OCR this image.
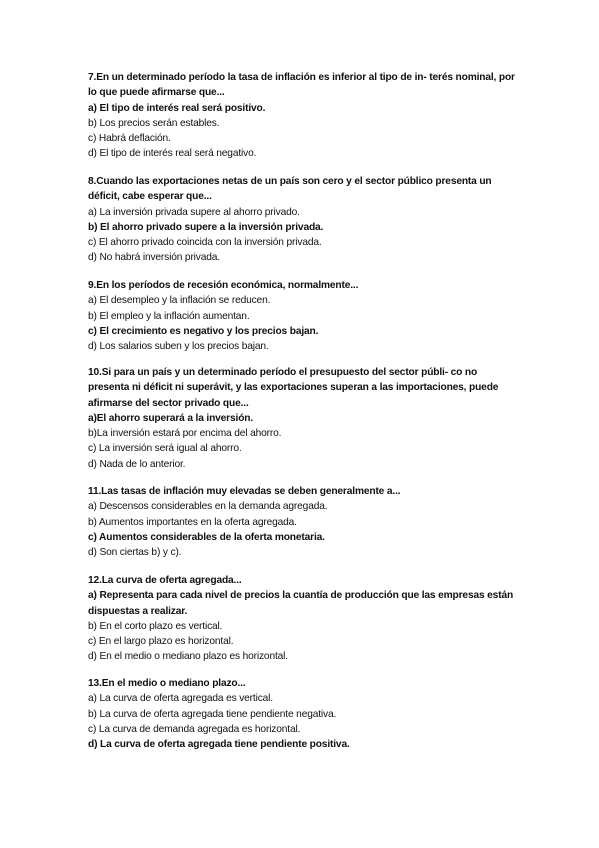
7.En un determinado período la tasa de inflación es inferior al tipo de in- terés nominal, por lo que puede afirmarse que...
a) El tipo de interés real será positivo.
b) Los precios serán estables.
c) Habrá deflación.
d) El tipo de interés real será negativo.
8.Cuando las exportaciones netas de un país son cero y el sector público presenta un déficit, cabe esperar que...
a) La inversión privada supere al ahorro privado.
b) El ahorro privado supere a la inversión privada.
c) El ahorro privado coincida con la inversión privada.
d) No habrá inversión privada.
9.En los períodos de recesión económica, normalmente...
a) El desempleo y la inflación se reducen.
b) El empleo y la inflación aumentan.
c) El crecimiento es negativo y los precios bajan.
d) Los salarios suben y los precios bajan.
10.Si para un país y un determinado período el presupuesto del sector públi- co no presenta ni déficit ni superávit, y las exportaciones superan a las importaciones, puede afirmarse del sector privado que...
a)El ahorro superará a la inversión.
b)La inversión estará por encima del ahorro.
c) La inversión será igual al ahorro.
d) Nada de lo anterior.
11.Las tasas de inflación muy elevadas se deben generalmente a...
a) Descensos considerables en la demanda agregada.
b) Aumentos importantes en la oferta agregada.
c) Aumentos considerables de la oferta monetaria.
d) Son ciertas b) y c).
12.La curva de oferta agregada...
a) Representa para cada nivel de precios la cuantía de producción que las empresas están dispuestas a realizar.
b) En el corto plazo es vertical.
c) En el largo plazo es horizontal.
d) En el medio o mediano plazo es horizontal.
13.En el medio o mediano plazo...
a) La curva de oferta agregada es vertical.
b) La curva de oferta agregada tiene pendiente negativa.
c) La curva de demanda agregada es horizontal.
d) La curva de oferta agregada tiene pendiente positiva.
